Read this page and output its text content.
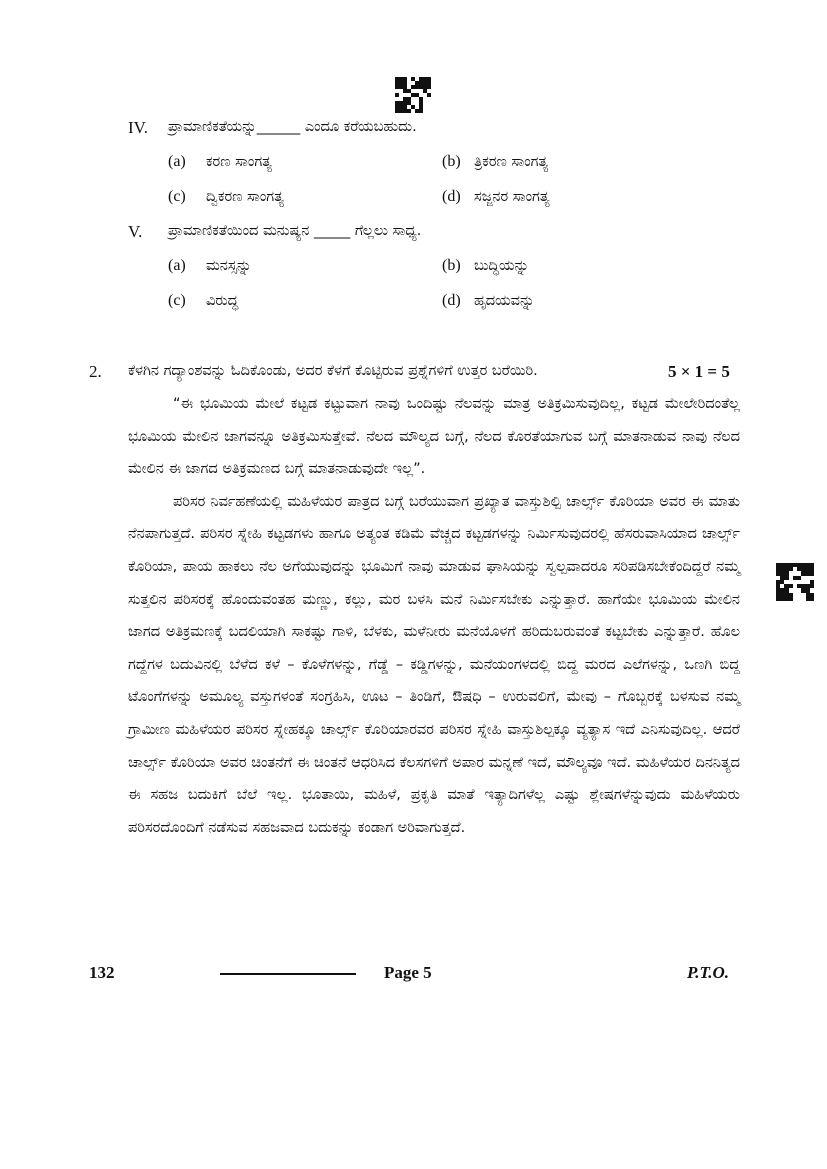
IV. ಪ್ರಾಮಾಣಿಕತೆಯನ್ನು______ ಎಂದೂ ಕರೆಯಬಹುದು.
(a) ಕರಣ ಸಾಂಗತ್ಯ	(b) ತ್ರಿಕರಣ ಸಾಂಗತ್ಯ
(c) ದ್ವಿಕರಣ ಸಾಂಗತ್ಯ	(d) ಸಜ್ಜನರ ಸಾಂಗತ್ಯ
V. ಪ್ರಾಮಾಣಿಕತೆಯಿಂದ ಮನುಷ್ಯನ _____ ಗೆಲ್ಲಲು ಸಾಧ್ಯ.
(a) ಮನಸ್ಸನ್ನು	(b) ಬುದ್ಧಿಯನ್ನು
(c) ವಿರುದ್ಧ	(d) ಹೃದಯವನ್ನು
2. ಕೆಳಗಿನ ಗದ್ಯಾಂಶವನ್ನು ಓದಿಕೊಂಡು, ಅದರ ಕೆಳಗೆ ಕೊಟ್ಟಿರುವ ಪ್ರಶ್ನೆಗಳಿಗೆ ಉತ್ತರ ಬರೆಯಿರಿ.	5 × 1 = 5

“ಈ ಭೂಮಿಯ ಮೇಲೆ ಕಟ್ಟಡ ಕಟ್ಟುವಾಗ ನಾವು ಒಂದಿಷ್ಟು ನೆಲವನ್ನು ಮಾತ್ರ ಅತಿಕ್ರಮಿಸುವುದಿಲ್ಲ, ಕಟ್ಟಡ ಮೇಲೇರಿದಂತೆಲ್ಲ ಭೂಮಿಯ ಮೇಲಿನ ಜಾಗವನ್ನೂ ಅತಿಕ್ರಮಿಸುತ್ತೇವೆ. ನೆಲದ ಮೌಲ್ಯದ ಬಗ್ಗೆ, ನೆಲದ ಕೊರತೆಯಾಗುವ ಬಗ್ಗೆ ಮಾತನಾಡುವ ನಾವು ನೆಲದ ಮೇಲಿನ ಈ ಜಾಗದ ಅತಿಕ್ರಮಣದ ಬಗ್ಗೆ ಮಾತನಾಡುವುದೇ ಇಲ್ಲ”.

ಪರಿಸರ ನಿರ್ವಹಣೆಯಲ್ಲಿ ಮಹಿಳೆಯರ ಪಾತ್ರದ ಬಗ್ಗೆ ಬರೆಯುವಾಗ ಪ್ರಖ್ಯಾತ ವಾಸ್ತುಶಿಲ್ಪಿ ಚಾರ್ಲ್ಸ್ ಕೊರಿಯಾ ಅವರ ಈ ಮಾತು ನೆನಪಾಗುತ್ತದೆ. ಪರಿಸರ ಸ್ನೇಹಿ ಕಟ್ಟಡಗಳು ಹಾಗೂ ಅತ್ಯಂತ ಕಡಿಮೆ ವೆಚ್ಚದ ಕಟ್ಟಡಗಳನ್ನು ನಿರ್ಮಿಸುವುದರಲ್ಲಿ ಹೆಸರುವಾಸಿಯಾದ ಚಾರ್ಲ್ಸ್ ಕೊರಿಯಾ, ಪಾಯ ಹಾಕಲು ನೆಲ ಅಗೆಯುವುದನ್ನು ಭೂಮಿಗೆ ನಾವು ಮಾಡುವ ಘಾಸಿಯನ್ನು ಸ್ವಲ್ಪವಾದರೂ ಸರಿಪಡಿಸಬೇಕೆಂದಿದ್ದರೆ ನಮ್ಮ ಸುತ್ತಲಿನ ಪರಿಸರಕ್ಕೆ ಹೊಂದುವಂತಹ ಮಣ್ಣು, ಕಲ್ಲು, ಮರ ಬಳಸಿ ಮನೆ ನಿರ್ಮಿಸಬೇಕು ಎನ್ನುತ್ತಾರೆ. ಹಾಗೆಯೇ ಭೂಮಿಯ ಮೇಲಿನ ಜಾಗದ ಅತಿಕ್ರಮಣಕ್ಕೆ ಬದಲಿಯಾಗಿ ಸಾಕಷ್ಟು ಗಾಳಿ, ಬೆಳಕು, ಮಳೆನೀರು ಮನೆಯೊಳಗೆ ಹರಿದುಬರುವಂತೆ ಕಟ್ಟಬೇಕು ಎನ್ನುತ್ತಾರೆ. ಹೊಲ ಗದ್ದೆಗಳ ಬದುವಿನಲ್ಲಿ ಬೆಳೆದ ಕಳೆ – ಕೊಳೆಗಳನ್ನು, ಗೆಡ್ಡೆ – ಕಡ್ಡಿಗಳನ್ನು, ಮನೆಯಂಗಳದಲ್ಲಿ ಬಿದ್ದ ಮರದ ಎಲೆಗಳನ್ನು, ಒಣಗಿ ಬಿದ್ದ ಟೊಂಗೆಗಳನ್ನು ಅಮೂಲ್ಯ ವಸ್ತುಗಳಂತೆ ಸಂಗ್ರಹಿಸಿ, ಊಟ – ತಿಂಡಿಗೆ, ಔಷಧಿ – ಉರುವಲಿಗೆ, ಮೇವು – ಗೊಬ್ಬರಕ್ಕೆ ಬಳಸುವ ನಮ್ಮ ಗ್ರಾಮೀಣ ಮಹಿಳೆಯರ ಪರಿಸರ ಸ್ನೇಹಕ್ಕೂ ಚಾರ್ಲ್ಸ್ ಕೊರಿಯಾರವರ ಪರಿಸರ ಸ್ನೇಹಿ ವಾಸ್ತುಶಿಲ್ಪಕ್ಕೂ ವ್ಯತ್ಯಾಸ ಇದೆ ಎನಿಸುವುದಿಲ್ಲ. ಆದರೆ ಚಾರ್ಲ್ಸ್ ಕೊರಿಯಾ ಅವರ ಚಿಂತನೆಗೆ ಈ ಚಿಂತನೆ ಆಧರಿಸಿದ ಕೆಲಸಗಳಿಗೆ ಅಪಾರ ಮನ್ನಣೆ ಇದೆ, ಮೌಲ್ಯವೂ ಇದೆ. ಮಹಿಳೆಯರ ದಿನನಿತ್ಯದ ಈ ಸಹಜ ಬದುಕಿಗೆ ಬೆಲೆ ಇಲ್ಲ. ಭೂತಾಯಿ, ಮಹಿಳೆ, ಪ್ರಕೃತಿ ಮಾತೆ ಇತ್ಯಾದಿಗಳೆಲ್ಲ ಎಷ್ಟು ಶ್ಲೇಷಗಳೆನ್ನುವುದು ಮಹಿಳೆಯರು ಪರಿಸರದೊಂದಿಗೆ ನಡೆಸುವ ಸಹಜವಾದ ಬದುಕನ್ನು ಕಂಡಾಗ ಅರಿವಾಗುತ್ತದೆ.

132	Page 5	P.T.O.
